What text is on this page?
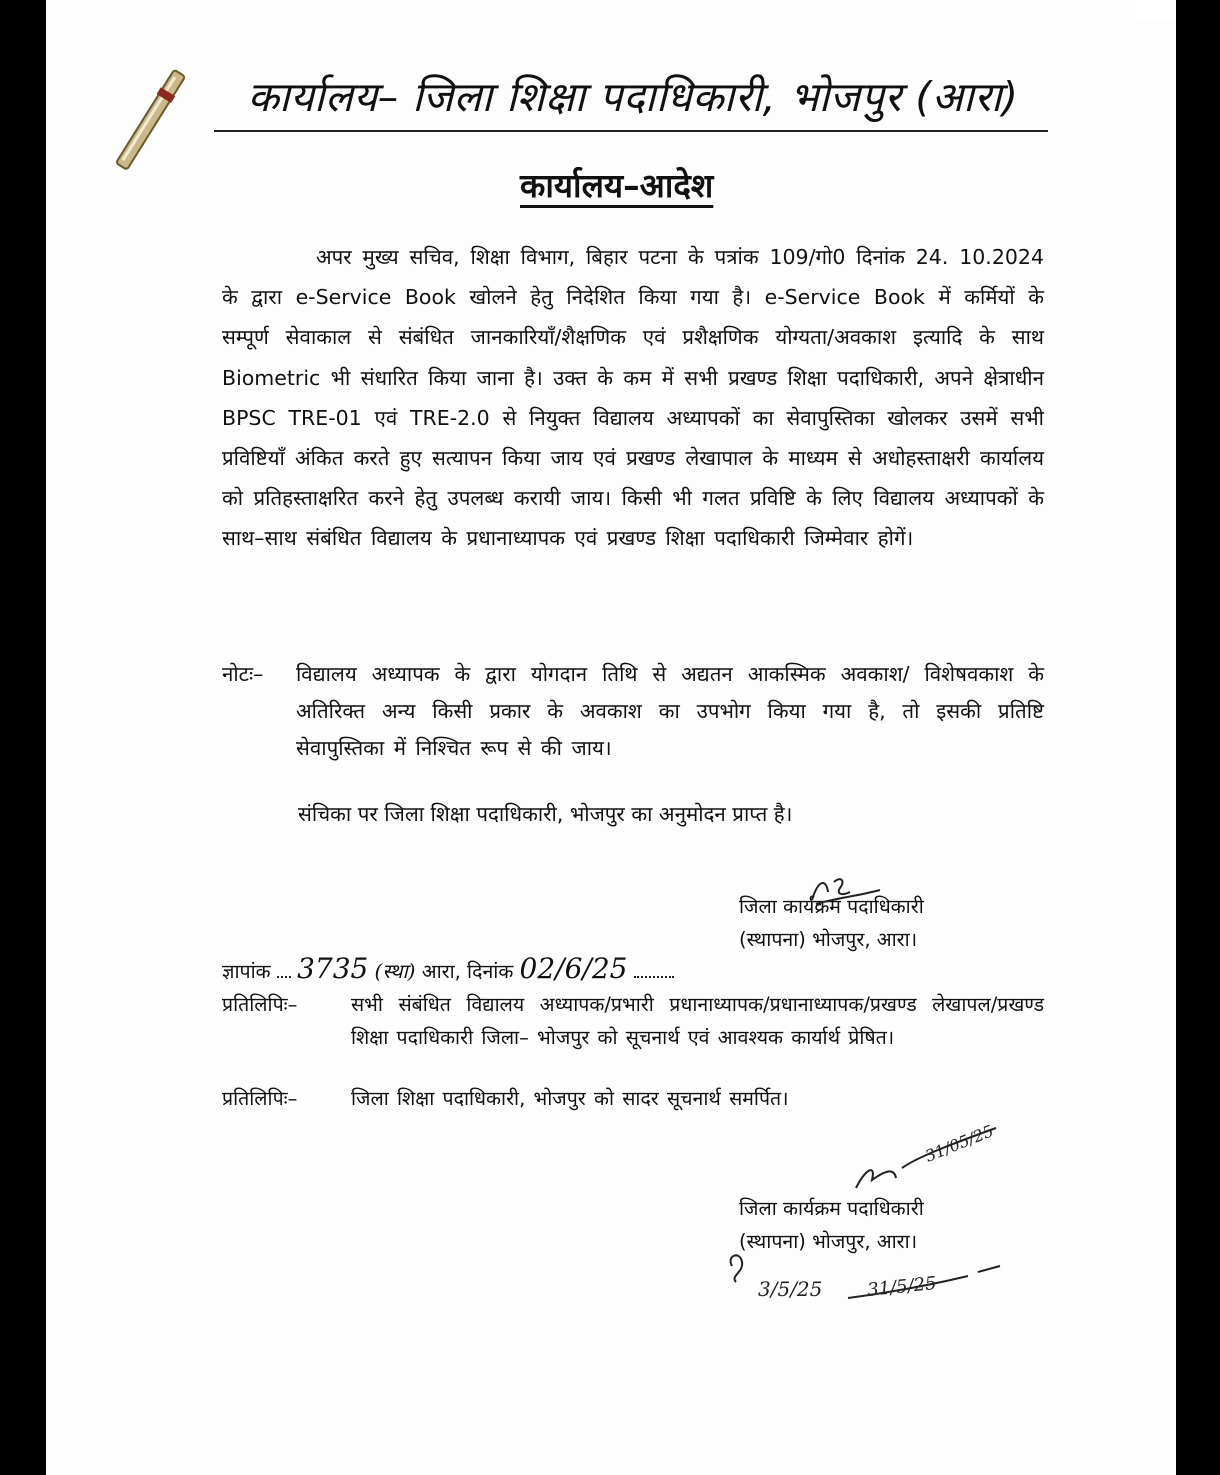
कार्यालय– जिला शिक्षा पदाधिकारी, भोजपुर (आरा)
कार्यालय–आदेश
अपर मुख्य सचिव, शिक्षा विभाग, बिहार पटना के पत्रांक 109/गो0 दिनांक 24. 10.2024 के द्वारा e-Service Book खोलने हेतु निदेशित किया गया है। e-Service Book में कर्मियों के सम्पूर्ण सेवाकाल से संबंधित जानकारियाँ/शैक्षणिक एवं प्रशैक्षणिक योग्यता/अवकाश इत्यादि के साथ Biometric भी संधारित किया जाना है। उक्त के कम में सभी प्रखण्ड शिक्षा पदाधिकारी, अपने क्षेत्राधीन BPSC TRE-01 एवं TRE-2.0 से नियुक्त विद्यालय अध्यापकों का सेवापुस्तिका खोलकर उसमें सभी प्रविष्टियाँ अंकित करते हुए सत्यापन किया जाय एवं प्रखण्ड लेखापाल के माध्यम से अधोहस्ताक्षरी कार्यालय को प्रतिहस्ताक्षरित करने हेतु उपलब्ध करायी जाय। किसी भी गलत प्रविष्टि के लिए विद्यालय अध्यापकों के साथ–साथ संबंधित विद्यालय के प्रधानाध्यापक एवं प्रखण्ड शिक्षा पदाधिकारी जिम्मेवार होगें।
नोटः– विद्यालय अध्यापक के द्वारा योगदान तिथि से अद्यतन आकस्मिक अवकाश/ विशेषवकाश के अतिरिक्त अन्य किसी प्रकार के अवकाश का उपभोग किया गया है, तो इसकी प्रतिष्टि सेवापुस्तिका में निश्चित रूप से की जाय।
संचिका पर जिला शिक्षा पदाधिकारी, भोजपुर का अनुमोदन प्राप्त है।
जिला कार्यक्रम पदाधिकारी
(स्थापना) भोजपुर, आरा।
ज्ञापांक 3735 (स्था) आरा, दिनांक 02/6/25
प्रतिलिपिः–	सभी संबंधित विद्यालय अध्यापक/प्रभारी प्रधानाध्यापक/प्रधानाध्यापक/प्रखण्ड लेखापल/प्रखण्ड शिक्षा पदाधिकारी जिला– भोजपुर को सूचनार्थ एवं आवश्यक कार्यार्थ प्रेषित।
प्रतिलिपिः–	जिला शिक्षा पदाधिकारी, भोजपुर को सादर सूचनार्थ समर्पित।
31/05/25
जिला कार्यक्रम पदाधिकारी
(स्थापना) भोजपुर, आरा।
3/5/25 31/5/25
